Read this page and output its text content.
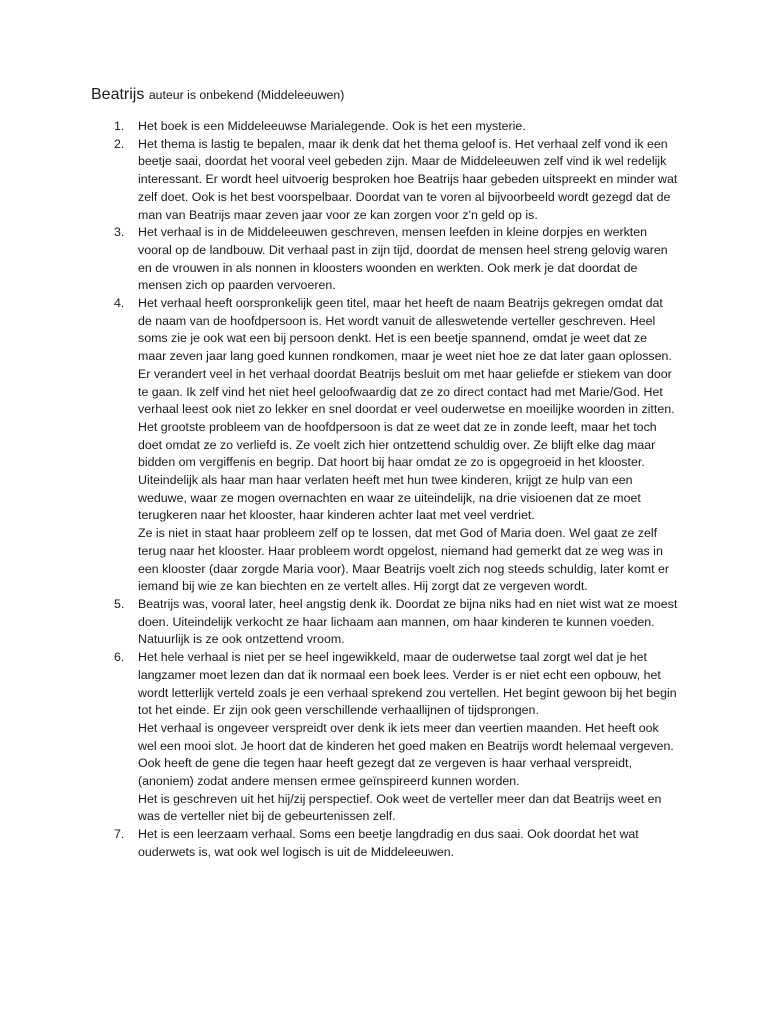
Beatrijs auteur is onbekend (Middeleeuwen)
1. Het boek is een Middeleeuwse Marialegende. Ook is het een mysterie.
2. Het thema is lastig te bepalen, maar ik denk dat het thema geloof is. Het verhaal zelf vond ik een beetje saai, doordat het vooral veel gebeden zijn. Maar de Middeleeuwen zelf vind ik wel redelijk interessant. Er wordt heel uitvoerig besproken hoe Beatrijs haar gebeden uitspreekt en minder wat zelf doet. Ook is het best voorspelbaar. Doordat van te voren al bijvoorbeeld wordt gezegd dat de man van Beatrijs maar zeven jaar voor ze kan zorgen voor z'n geld op is.
3. Het verhaal is in de Middeleeuwen geschreven, mensen leefden in kleine dorpjes en werkten vooral op de landbouw. Dit verhaal past in zijn tijd, doordat de mensen heel streng gelovig waren en de vrouwen in als nonnen in kloosters woonden en werkten. Ook merk je dat doordat de mensen zich op paarden vervoeren.
4. Het verhaal heeft oorspronkelijk geen titel, maar het heeft de naam Beatrijs gekregen omdat dat de naam van de hoofdpersoon is. Het wordt vanuit de alleswetende verteller geschreven. Heel soms zie je ook wat een bij persoon denkt. Het is een beetje spannend, omdat je weet dat ze maar zeven jaar lang goed kunnen rondkomen, maar je weet niet hoe ze dat later gaan oplossen. Er verandert veel in het verhaal doordat Beatrijs besluit om met haar geliefde er stiekem van door te gaan. Ik zelf vind het niet heel geloofwaardig dat ze zo direct contact had met Marie/God. Het verhaal leest ook niet zo lekker en snel doordat er veel ouderwetse en moeilijke woorden in zitten.
Het grootste probleem van de hoofdpersoon is dat ze weet dat ze in zonde leeft, maar het toch doet omdat ze zo verliefd is. Ze voelt zich hier ontzettend schuldig over. Ze blijft elke dag maar bidden om vergiffenis en begrip. Dat hoort bij haar omdat ze zo is opgegroeid in het klooster. Uiteindelijk als haar man haar verlaten heeft met hun twee kinderen, krijgt ze hulp van een weduwe, waar ze mogen overnachten en waar ze uiteindelijk, na drie visioenen dat ze moet terugkeren naar het klooster, haar kinderen achter laat met veel verdriet.
Ze is niet in staat haar probleem zelf op te lossen, dat met God of Maria doen. Wel gaat ze zelf terug naar het klooster. Haar probleem wordt opgelost, niemand had gemerkt dat ze weg was in een klooster (daar zorgde Maria voor). Maar Beatrijs voelt zich nog steeds schuldig, later komt er iemand bij wie ze kan biechten en ze vertelt alles. Hij zorgt dat ze vergeven wordt.
5. Beatrijs was, vooral later, heel angstig denk ik. Doordat ze bijna niks had en niet wist wat ze moest doen. Uiteindelijk verkocht ze haar lichaam aan mannen, om haar kinderen te kunnen voeden. Natuurlijk is ze ook ontzettend vroom.
6. Het hele verhaal is niet per se heel ingewikkeld, maar de ouderwetse taal zorgt wel dat je het langzamer moet lezen dan dat ik normaal een boek lees. Verder is er niet echt een opbouw, het wordt letterlijk verteld zoals je een verhaal sprekend zou vertellen. Het begint gewoon bij het begin tot het einde. Er zijn ook geen verschillende verhaallijnen of tijdsprongen.
Het verhaal is ongeveer verspreidt over denk ik iets meer dan veertien maanden. Het heeft ook wel een mooi slot. Je hoort dat de kinderen het goed maken en Beatrijs wordt helemaal vergeven. Ook heeft de gene die tegen haar heeft gezegt dat ze vergeven is haar verhaal verspreidt, (anoniem) zodat andere mensen ermee geïnspireerd kunnen worden.
Het is geschreven uit het hij/zij perspectief. Ook weet de verteller meer dan dat Beatrijs weet en was de verteller niet bij de gebeurtenissen zelf.
7. Het is een leerzaam verhaal. Soms een beetje langdradig en dus saai. Ook doordat het wat ouderwets is, wat ook wel logisch is uit de Middeleeuwen.
